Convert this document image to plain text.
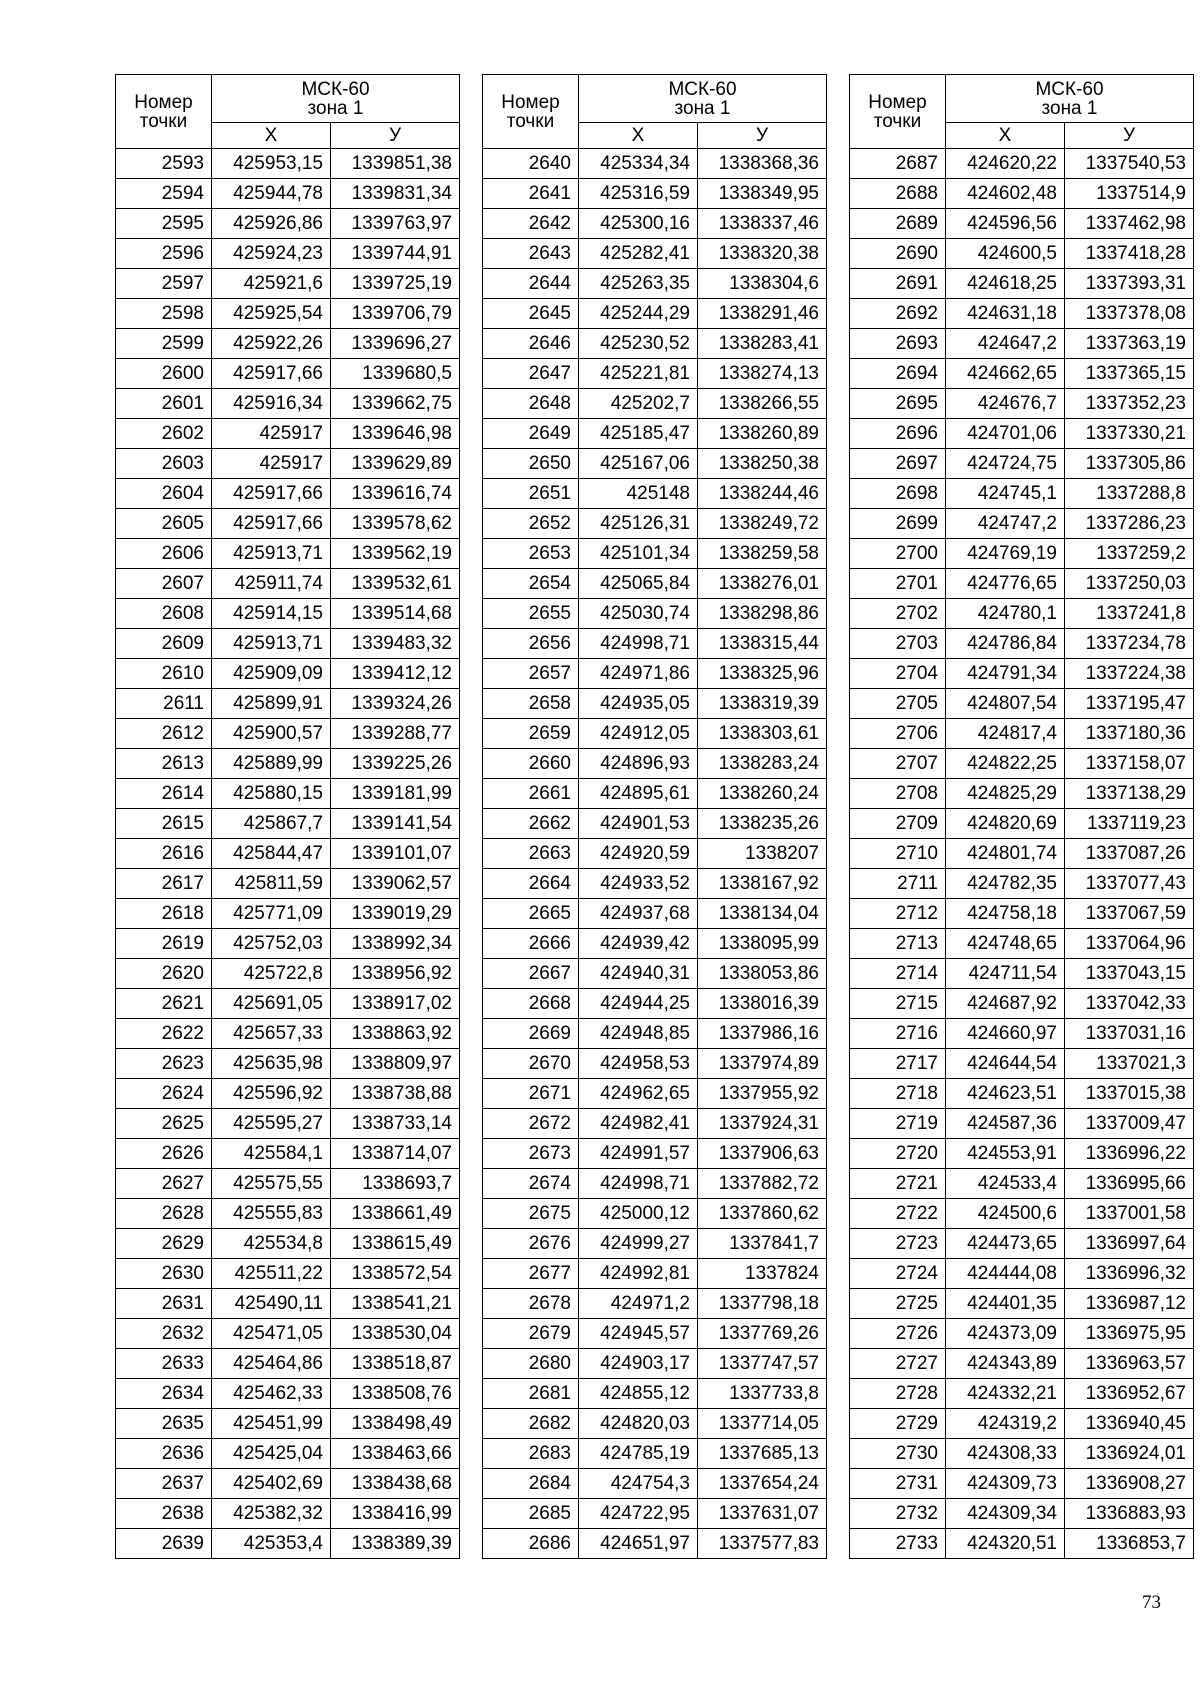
Номер
точки	МСК-60
зона 1	
	Х	У
2593	425953,15	1339851,38
2594	425944,78	1339831,34
2595	425926,86	1339763,97
2596	425924,23	1339744,91
2597	425921,6	1339725,19
2598	425925,54	1339706,79
2599	425922,26	1339696,27
2600	425917,66	1339680,5
2601	425916,34	1339662,75
2602	425917	1339646,98
2603	425917	1339629,89
2604	425917,66	1339616,74
2605	425917,66	1339578,62
2606	425913,71	1339562,19
2607	425911,74	1339532,61
2608	425914,15	1339514,68
2609	425913,71	1339483,32
2610	425909,09	1339412,12
2611	425899,91	1339324,26
2612	425900,57	1339288,77
2613	425889,99	1339225,26
2614	425880,15	1339181,99
2615	425867,7	1339141,54
2616	425844,47	1339101,07
2617	425811,59	1339062,57
2618	425771,09	1339019,29
2619	425752,03	1338992,34
2620	425722,8	1338956,92
2621	425691,05	1338917,02
2622	425657,33	1338863,92
2623	425635,98	1338809,97
2624	425596,92	1338738,88
2625	425595,27	1338733,14
2626	425584,1	1338714,07
2627	425575,55	1338693,7
2628	425555,83	1338661,49
2629	425534,8	1338615,49
2630	425511,22	1338572,54
2631	425490,11	1338541,21
2632	425471,05	1338530,04
2633	425464,86	1338518,87
2634	425462,33	1338508,76
2635	425451,99	1338498,49
2636	425425,04	1338463,66
2637	425402,69	1338438,68
2638	425382,32	1338416,99
2639	425353,4	1338389,39
Номер
точки	МСК-60
зона 1	
	Х	У
2640	425334,34	1338368,36
2641	425316,59	1338349,95
2642	425300,16	1338337,46
2643	425282,41	1338320,38
2644	425263,35	1338304,6
2645	425244,29	1338291,46
2646	425230,52	1338283,41
2647	425221,81	1338274,13
2648	425202,7	1338266,55
2649	425185,47	1338260,89
2650	425167,06	1338250,38
2651	425148	1338244,46
2652	425126,31	1338249,72
2653	425101,34	1338259,58
2654	425065,84	1338276,01
2655	425030,74	1338298,86
2656	424998,71	1338315,44
2657	424971,86	1338325,96
2658	424935,05	1338319,39
2659	424912,05	1338303,61
2660	424896,93	1338283,24
2661	424895,61	1338260,24
2662	424901,53	1338235,26
2663	424920,59	1338207
2664	424933,52	1338167,92
2665	424937,68	1338134,04
2666	424939,42	1338095,99
2667	424940,31	1338053,86
2668	424944,25	1338016,39
2669	424948,85	1337986,16
2670	424958,53	1337974,89
2671	424962,65	1337955,92
2672	424982,41	1337924,31
2673	424991,57	1337906,63
2674	424998,71	1337882,72
2675	425000,12	1337860,62
2676	424999,27	1337841,7
2677	424992,81	1337824
2678	424971,2	1337798,18
2679	424945,57	1337769,26
2680	424903,17	1337747,57
2681	424855,12	1337733,8
2682	424820,03	1337714,05
2683	424785,19	1337685,13
2684	424754,3	1337654,24
2685	424722,95	1337631,07
2686	424651,97	1337577,83
Номер
точки	МСК-60
зона 1	
	Х	У
2687	424620,22	1337540,53
2688	424602,48	1337514,9
2689	424596,56	1337462,98
2690	424600,5	1337418,28
2691	424618,25	1337393,31
2692	424631,18	1337378,08
2693	424647,2	1337363,19
2694	424662,65	1337365,15
2695	424676,7	1337352,23
2696	424701,06	1337330,21
2697	424724,75	1337305,86
2698	424745,1	1337288,8
2699	424747,2	1337286,23
2700	424769,19	1337259,2
2701	424776,65	1337250,03
2702	424780,1	1337241,8
2703	424786,84	1337234,78
2704	424791,34	1337224,38
2705	424807,54	1337195,47
2706	424817,4	1337180,36
2707	424822,25	1337158,07
2708	424825,29	1337138,29
2709	424820,69	1337119,23
2710	424801,74	1337087,26
2711	424782,35	1337077,43
2712	424758,18	1337067,59
2713	424748,65	1337064,96
2714	424711,54	1337043,15
2715	424687,92	1337042,33
2716	424660,97	1337031,16
2717	424644,54	1337021,3
2718	424623,51	1337015,38
2719	424587,36	1337009,47
2720	424553,91	1336996,22
2721	424533,4	1336995,66
2722	424500,6	1337001,58
2723	424473,65	1336997,64
2724	424444,08	1336996,32
2725	424401,35	1336987,12
2726	424373,09	1336975,95
2727	424343,89	1336963,57
2728	424332,21	1336952,67
2729	424319,2	1336940,45
2730	424308,33	1336924,01
2731	424309,73	1336908,27
2732	424309,34	1336883,93
2733	424320,51	1336853,7
73
